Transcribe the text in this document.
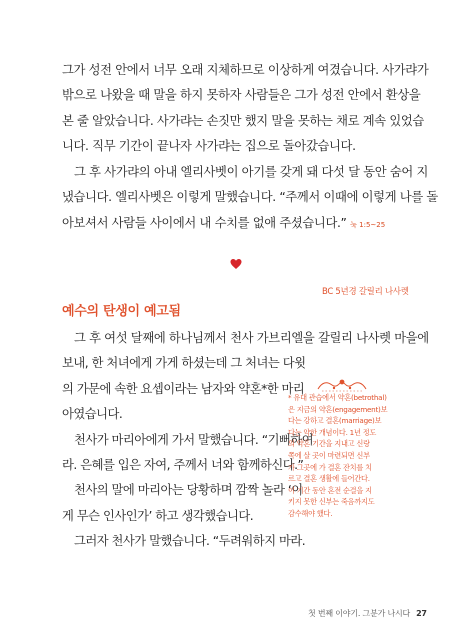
그가 성전 안에서 너무 오래 지체하므로 이상하게 여겼습니다. 사가랴가
밖으로 나왔을 때 말을 하지 못하자 사람들은 그가 성전 안에서 환상을
본 줄 알았습니다. 사가랴는 손짓만 했지 말을 못하는 채로 계속 있었습
니다. 직무 기간이 끝나자 사가랴는 집으로 돌아갔습니다.
그 후 사가랴의 아내 엘리사벳이 아기를 갖게 돼 다섯 달 동안 숨어 지
냈습니다. 엘리사벳은 이렇게 말했습니다. “주께서 이때에 이렇게 나를 돌
아보셔서 사람들 사이에서 내 수치를 없애 주셨습니다.” 눅 1:5~25
BC 5년경 갈릴리 나사렛
예수의 탄생이 예고됨
그 후 여섯 달째에 하나님께서 천사 가브리엘을 갈릴리 나사렛 마을에
보내, 한 처녀에게 가게 하셨는데 그 처녀는 다윗
의 가문에 속한 요셉이라는 남자와 약혼*한 마리
아였습니다.
천사가 마리아에게 가서 말했습니다. “기뻐하여
라. 은혜를 입은 자여, 주께서 너와 함께하신다.”
천사의 말에 마리아는 당황하며 깜짝 놀라 ‘이
게 무슨 인사인가’ 하고 생각했습니다.
그러자 천사가 말했습니다. “두려워하지 마라.
* 유대 관습에서 약혼(betrothal)
은 지금의 약혼(engagement)보
다는 강하고 결혼(marriage)보
다는 약한 개념이다. 1년 정도
의 약혼 기간을 지내고 신랑
쪽에 살 곳이 마련되면 신부
가 그곳에 가 결혼 잔치를 치
르고 결혼 생활에 들어간다.
이 기간 동안 혼전 순결을 지
키지 못한 신부는 죽음까지도
감수해야 했다.
첫 번째 이야기. 그분가 나시다 27
